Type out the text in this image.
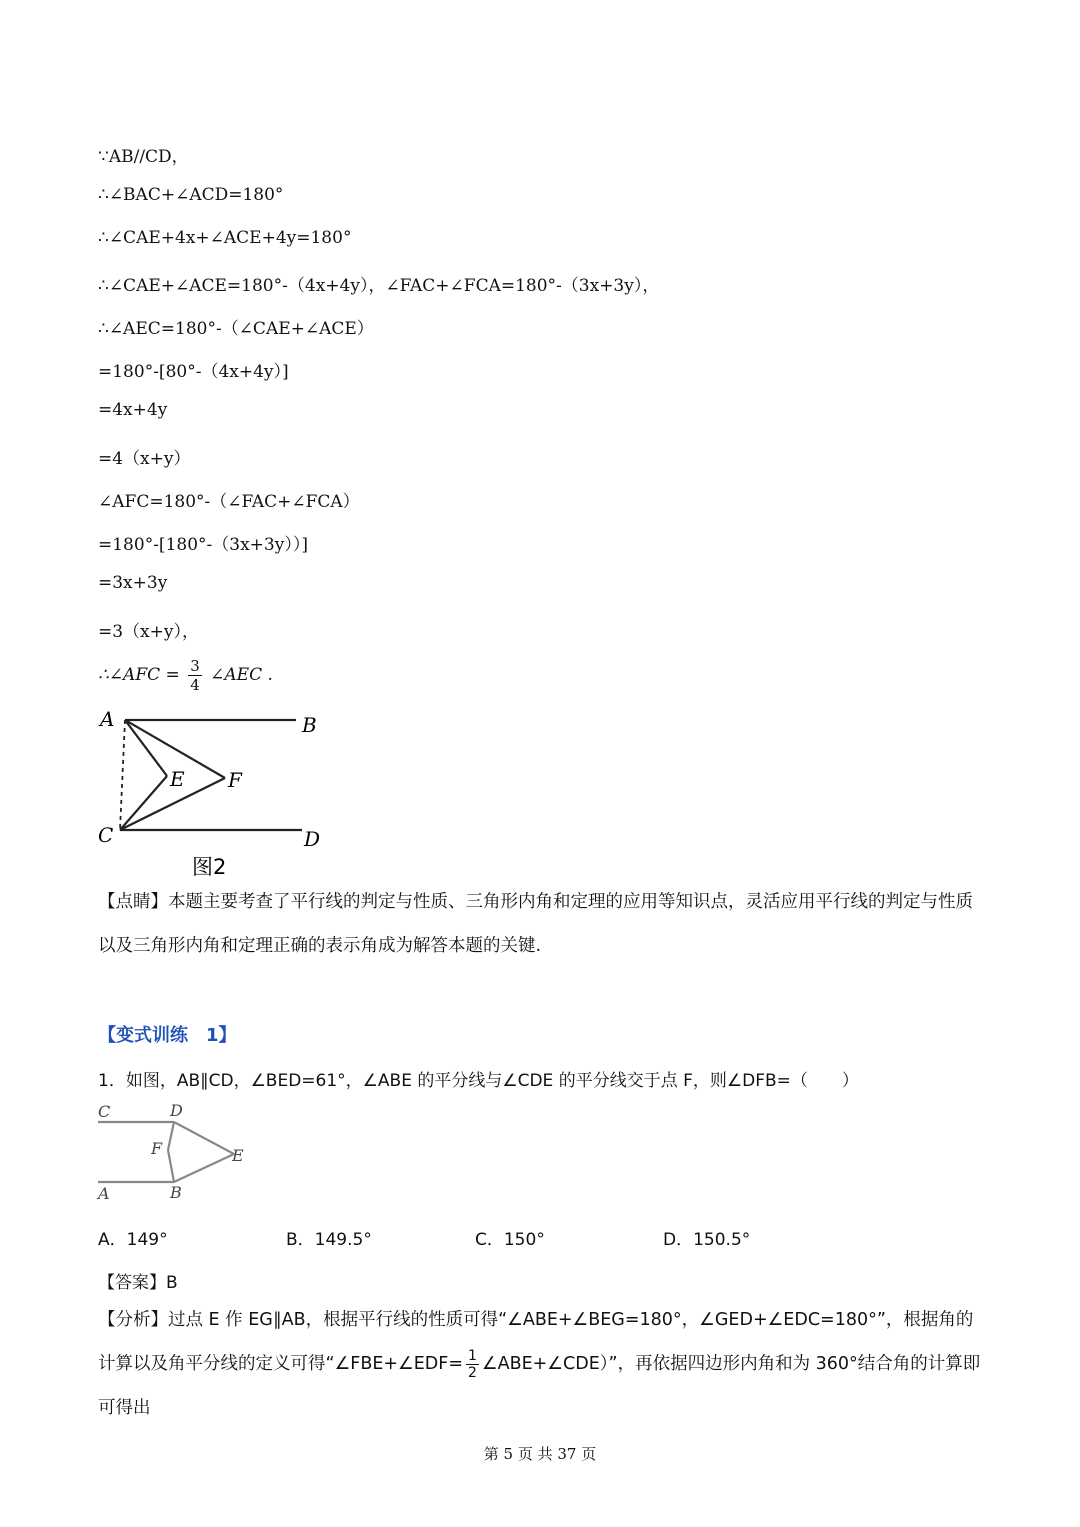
∵AB//CD，
∴∠BAC+∠ACD=180°
∴∠CAE+4x+∠ACE+4y=180°
∴∠CAE+∠ACE=180°-（4x+4y），∠FAC+∠FCA=180°-（3x+3y），
∴∠AEC=180°-（∠CAE+∠ACE）
=180°-[80°-（4x+4y）]
=4x+4y
=4（x+y）
∠AFC=180°-（∠FAC+∠FCA）
=180°-[180°-（3x+3y））]
=3x+3y
=3（x+y），
∴∠AFC = $\frac{3}{4}$ ∠AEC .
A	B
E F
C	D
图2
【点睛】本题主要考查了平行线的判定与性质、三角形内角和定理的应用等知识点，灵活应用平行线的判定与性质以及三角形内角和定理正确的表示角成为解答本题的关键.
【变式训练　1】
1．如图，AB∥CD，∠BED=61°，∠ABE 的平分线与∠CDE 的平分线交于点 F，则∠DFB=（　　）
C	D
F	E
A	B
A．149°	B．149.5°	C．150°	D．150.5°
【答案】B
【分析】过点 E 作 EG∥AB，根据平行线的性质可得“∠ABE+∠BEG=180°，∠GED+∠EDC=180°”，根据角的计算以及角平分线的定义可得“∠FBE+∠EDF= $\frac{1}{2}$ ∠ABE+∠CDE）”，再依据四边形内角和为 360°结合角的计算即可得出
第 5 页 共 37 页
